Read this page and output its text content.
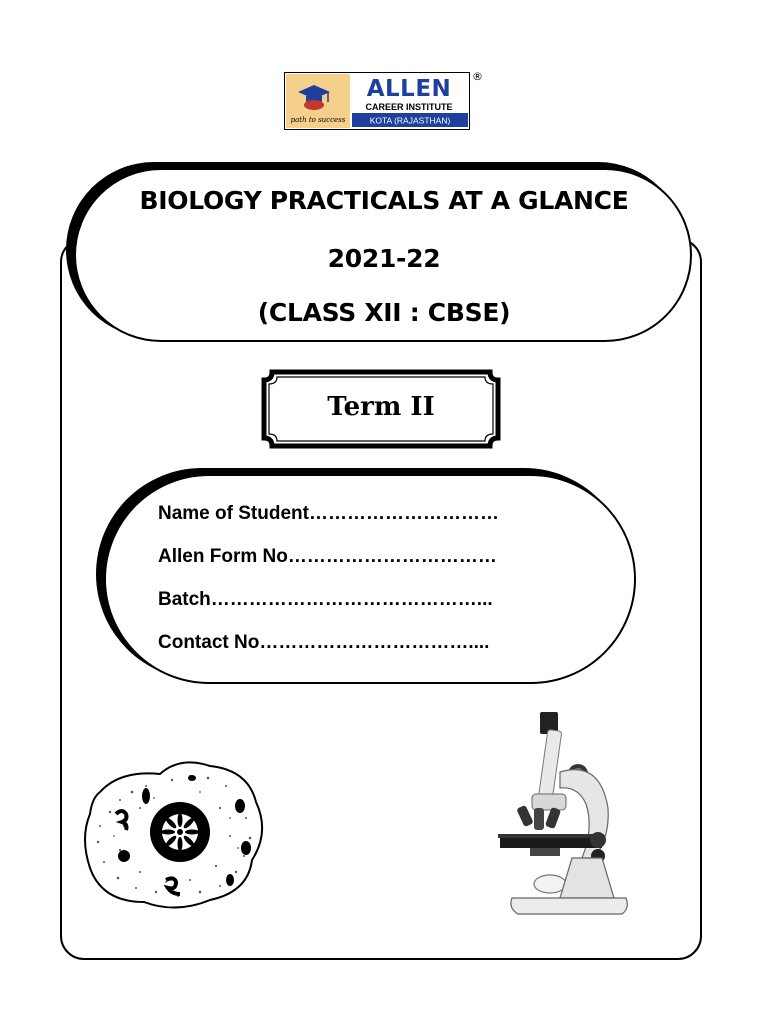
path to success
ALLEN
CAREER INSTITUTE
KOTA (RAJASTHAN)
®
BIOLOGY PRACTICALS AT A GLANCE
2021-22
(CLASS XII : CBSE)
Term II
Name of Student…………………………
Allen Form No……………………………
Batch……………………………………...
Contact No……………………………....
